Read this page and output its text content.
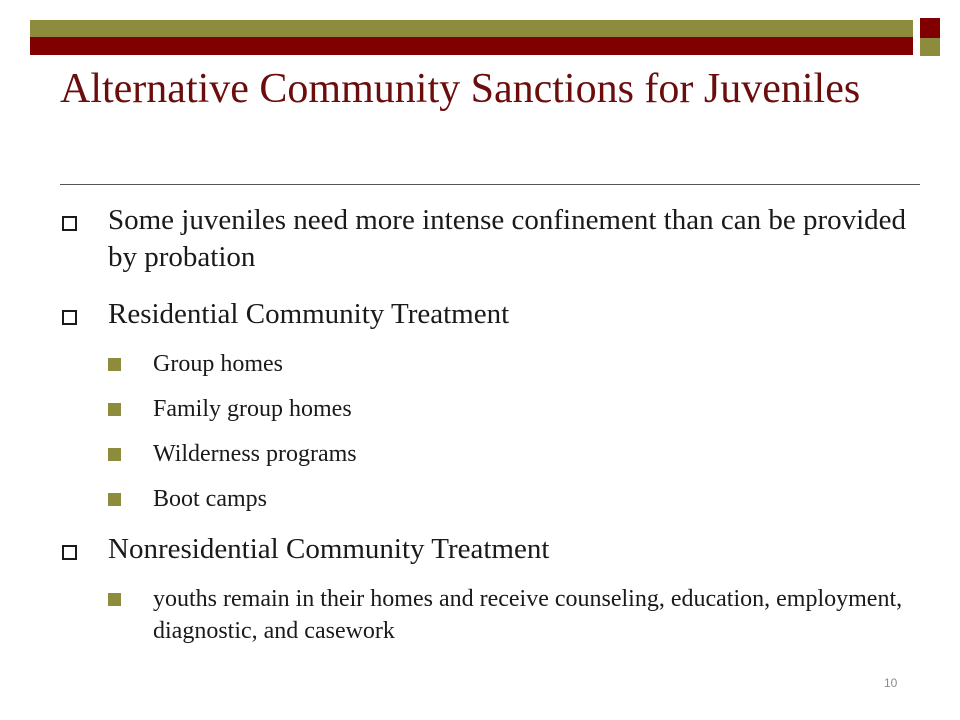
Alternative Community Sanctions for Juveniles
Some juveniles need more intense confinement than can be provided by probation
Residential Community Treatment
Group homes
Family group homes
Wilderness programs
Boot camps
Nonresidential Community Treatment
youths remain in their homes and receive counseling, education, employment, diagnostic, and casework
10
